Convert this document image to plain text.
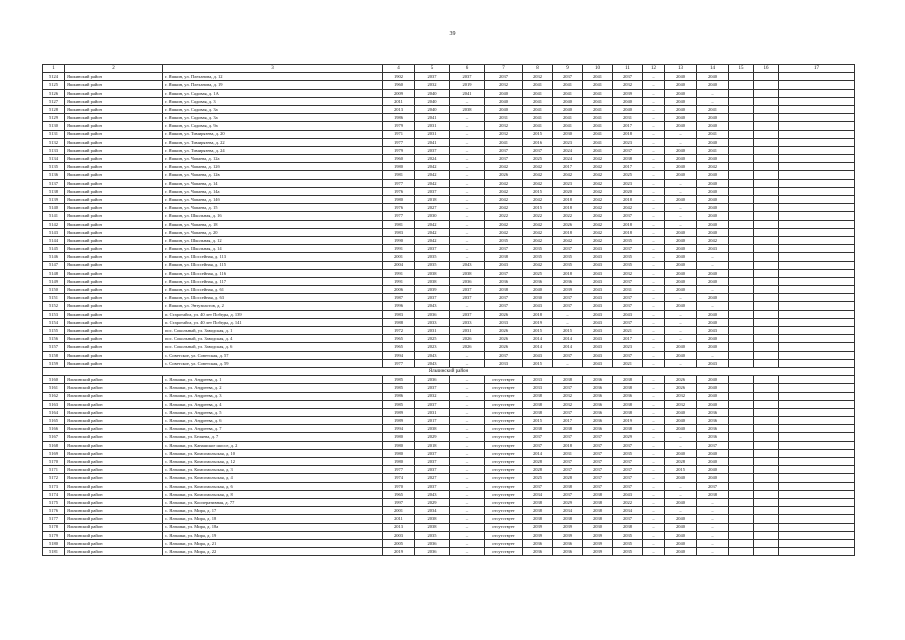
39
1	2	3	4	5	6	7	8	9	10	11	12	13	14	15	16	17
5124	Яшкинский район	г. Яшкин, ул. Плеханова, д. 12	1902	2037	2037	2037	2032	2037	2041	2037	–	2040	2040			
5125	Яшкинский район	г. Яшкин, ул. Плеханова, д. 19	1960	2032	2019	2032	2041	2041	2041	2032	–	2040	2040			
5126	Яшкинский район	г. Яшкин, ул. Садовая, д. 1А	2009	2040	2041	2040	2041	2041	2041	2039	–	2040	–			
5127	Яшкинский район	г. Яшкин, ул. Садовая, д. 3	2011	2040	–	2040	2041	2040	2041	2040	–	2040	–			
5128	Яшкинский район	г. Яшкин, ул. Садовая, д. 3а	2013	2040	2038	2040	2041	2040	2041	2040	–	2040	2041			
5129	Яшкинский район	г. Яшкин, ул. Садовая, д. 3а	1986	2041	–	2031	2041	2041	2041	2031	–	2040	2040			
5130	Яшкинский район	г. Яшкин, ул. Садовая, д. 9а	1979	2031	–	2032	2041	2041	2041	2017	–	2040	2040			
5131	Яшкинский район	г. Яшкин, ул. Тимирязева, д. 20	1971	2031	–	2032	2015	2030	2041	2018	–	–	2041			
5132	Яшкинский район	г. Яшкин, ул. Тимирязева, д. 22	1977	2041	–	2041	2016	2023	2041	2023	–	–	2040			
5133	Яшкинский район	г. Яшкин, ул. Тимирязева, д. 24	1979	2037	–	2037	2037	2024	2041	2037	–	2040	2041			
5134	Яшкинский район	г. Яшкин, ул. Чапаева, д. 12а	1960	2024	–	2037	2025	2024	2042	2038	–	2040	2040			
5135	Яшкинский район	г. Яшкин, ул. Чапаева, д. 12б	1980	2042	–	2042	2042	2017	2042	2017	–	2040	2042			
5136	Яшкинский район	г. Яшкин, ул. Чапаева, д. 12в	1981	2042	–	2026	2042	2042	2042	2025	–	2040	2040			
5137	Яшкинский район	г. Яшкин, ул. Чапаева, д. 14	1977	2042	–	2042	2042	2023	2042	2023	–	–	2040			
5138	Яшкинский район	г. Яшкин, ул. Чапаева, д. 14а	1976	2037	–	2042	2015	2020	2042	2020	–	–	2040			
5139	Яшкинский район	г. Яшкин, ул. Чапаева, д. 14б	1980	2018	–	2042	2042	2018	2042	2018	–	2040	2040			
5140	Яшкинский район	г. Яшкин, ул. Чапаева, д. 15	1976	2027	–	2042	2015	2018	2042	2042	–	–	2040			
5141	Яшкинский район	г. Яшкин, ул. Школьная, д. 16	1977	2030	–	2022	2022	2022	2042	2037	–	–	2040			
5142	Яшкинский район	г. Яшкин, ул. Чапаева, д. 18	1981	2042	–	2042	2042	2026	2042	2018	–	–	2040			
5143	Яшкинский район	г. Яшкин, ул. Чапаева, д. 20	1983	2042	–	2042	2042	2018	2042	2018	–	2040	2040			
5144	Яшкинский район	г. Яшкин, ул. Школьная, д. 12	1990	2042	–	2035	2042	2042	2042	2035	–	2040	2042			
5145	Яшкинский район	г. Яшкин, ул. Школьная, д. 14	1991	2037	–	2037	2035	2037	2043	2037	–	2040	2043			
5146	Яшкинский район	г. Яшкин, ул. Шоссейная, д. 113	2001	2035	–	2038	2035	2035	2043	2035	–	2040	–			
5147	Яшкинский район	г. Яшкин, ул. Шоссейная, д. 115	2004	2035	2043	2043	2042	2035	2043	2035	–	2040	–			
5148	Яшкинский район	г. Яшкин, ул. Шоссейная, д. 116	1991	2038	2038	2037	2025	2018	2043	2032	–	2040	2040			
5149	Яшкинский район	г. Яшкин, ул. Шоссейная, д. 117	1991	2038	2036	2036	2036	2036	2043	2037	–	2040	2040			
5150	Яшкинский район	г. Яшкин, ул. Шоссейная, д. 61	2006	2039	2037	2038	2040	2039	2043	2031	–	2040	–			
5151	Яшкинский район	г. Яшкин, ул. Шоссейная, д. 63	1987	2037	2037	2037	2030	2037	2043	2037	–	–	2040			
5152	Яшкинский район	г. Яшкин, ул. Энтузиастов, д. 2	1996	2043	–	2037	2043	2037	2043	2037	–	2040	–			
5153	Яшкинский район	п. Старотайга, ул. 40 лет Победы, д. 139	1983	2036	2037	2026	2018	–	2043	2043	–	–	2040			
5154	Яшкинский район	п. Старотайга, ул. 40 лет Победы, д. 141	1988	2033	2033	2033	2019	–	2043	2037	–	–	2040			
5155	Яшкинский район	пос. Сокольный, ул. Заводская, д. 1	1972	2031	2031	2026	2015	2015	2043	2021	–	–	2043			
5156	Яшкинский район	пос. Сокольный, ул. Заводская, д. 4	1965	2025	2026	2026	2014	2014	2043	2017	–	–	2040			
5157	Яшкинский район	пос. Сокольный, ул. Заводская, д. 6	1965	2023	2026	2026	2014	2014	2043	2023	–	2040	2040			
5158	Яшкинский район	с. Советское, ул. Советская, д. 57	1994	2043	–	2037	2043	2037	2043	2037	–	2040	–			
5159	Яшкинский район	с. Советское, ул. Советская, д. 59	1977	2043	–	2033	2015	–	2043	2021	–	–	2043			
Яльчинский район																
5160	Яльчинский район	с. Яльчики, ул. Андреева, д. 1	1985	2036	–	отсутствует	2033	2038	2036	2038	–	2026	2040			
5161	Яльчинский район	с. Яльчики, ул. Андреева, д. 2	1985	2037	–	отсутствует	2033	2037	2036	2038	–	2026	2040			
5162	Яльчинский район	с. Яльчики, ул. Андреева, д. 3	1986	2032	–	отсутствует	2038	2032	2036	2036	–	2032	2040			
5163	Яльчинский район	с. Яльчики, ул. Андреева, д. 4	1985	2037	–	отсутствует	2038	2032	2036	2038	–	2032	2040			
5164	Яльчинский район	с. Яльчики, ул. Андреева, д. 5	1989	2031	–	отсутствует	2038	2037	2036	2038	–	2040	2036			
5165	Яльчинский район	с. Яльчики, ул. Андреева, д. 6	1989	2017	–	отсутствует	2015	2017	2036	2019	–	2040	2036			
5166	Яльчинский район	с. Яльчики, ул. Андреева, д. 7	1994	2038	–	отсутствует	2038	2038	2036	2038	–	2040	2036			
5167	Яльчинский район	с. Яльчики, ул. Беляева, д. 7	1980	2029	–	отсутствует	2037	2037	2037	2029	–	–	2036			
5168	Яльчинский район	с. Яльчики, ул. Канашское шоссе, д. 2	1980	2018	–	отсутствует	2037	2018	2037	2037	–	–	2037			
5169	Яльчинский район	с. Яльчики, ул. Комсомольская, д. 10	1980	2037	–	отсутствует	2014	2031	2037	2035	–	2040	2040			
5170	Яльчинский район	с. Яльчики, ул. Комсомольская, д. 12	1980	2037	–	отсутствует	2028	2037	2037	2037	–	2028	2040			
5171	Яльчинский район	с. Яльчики, ул. Комсомольская, д. 3	1977	2037	–	отсутствует	2028	2037	2037	2037	–	2015	2040			
5172	Яльчинский район	с. Яльчики, ул. Комсомольская, д. 4	1974	2027	–	отсутствует	2025	2028	2037	2037	–	2040	2040			
5173	Яльчинский район	с. Яльчики, ул. Комсомольская, д. 6	1970	2037	–	отсутствует	2037	2038	2037	2037	–	–	2037			
5174	Яльчинский район	с. Яльчики, ул. Комсомольская, д. 8	1965	2043	–	отсутствует	2034	2037	2038	2043	–	–	2038			
5175	Яльчинский район	с. Яльчики, ул. Кооперативная, д. 77	1997	2029	–	отсутствует	2038	2029	2038	2022	–	2040	–			
5176	Яльчинский район	с. Яльчики, ул. Мира, д. 17	2001	2034	–	отсутствует	2038	2034	2038	2034	–	–	–			
5177	Яльчинский район	с. Яльчики, ул. Мира, д. 18	2011	2038	–	отсутствует	2038	2038	2038	2037	–	2040	–			
5178	Яльчинский район	с. Яльчики, ул. Мира, д. 18а	2013	2038	–	отсутствует	2039	2039	2030	2038	–	2040	–			
5179	Яльчинский район	с. Яльчики, ул. Мира, д. 19	2003	2035	–	отсутствует	2039	2039	2039	2035	–	2040	–			
5180	Яльчинский район	с. Яльчики, ул. Мира, д. 21	2005	2036	–	отсутствует	2036	2036	2039	2035	–	2040	–			
5181	Яльчинский район	с. Яльчики, ул. Мира, д. 22	2019	2036	–	отсутствует	2036	2036	2039	2035	–	2040	–			
